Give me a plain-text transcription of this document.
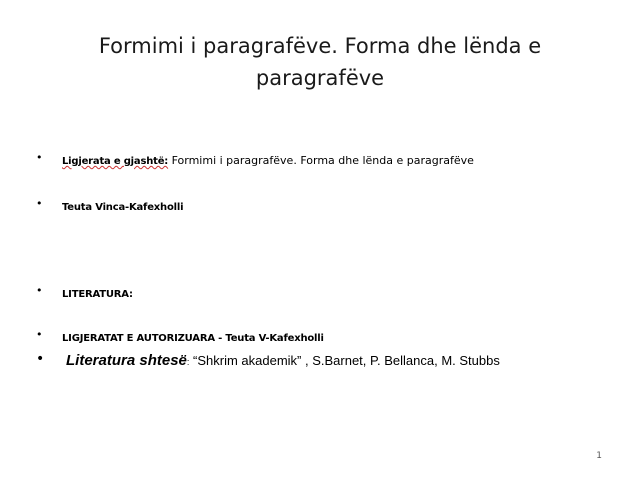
Formimi i paragrafëve. Forma dhe lënda e paragrafëve
• Ligjerata e gjashtë: Formimi i paragrafëve. Forma dhe lënda e paragrafëve
• Teuta Vinca-Kafexholli
• LITERATURA:
• LIGJERATAT E AUTORIZUARA - Teuta V-Kafexholli
• Literatura shtesë: “Shkrim akademik” , S.Barnet, P. Bellanca, M. Stubbs
1
